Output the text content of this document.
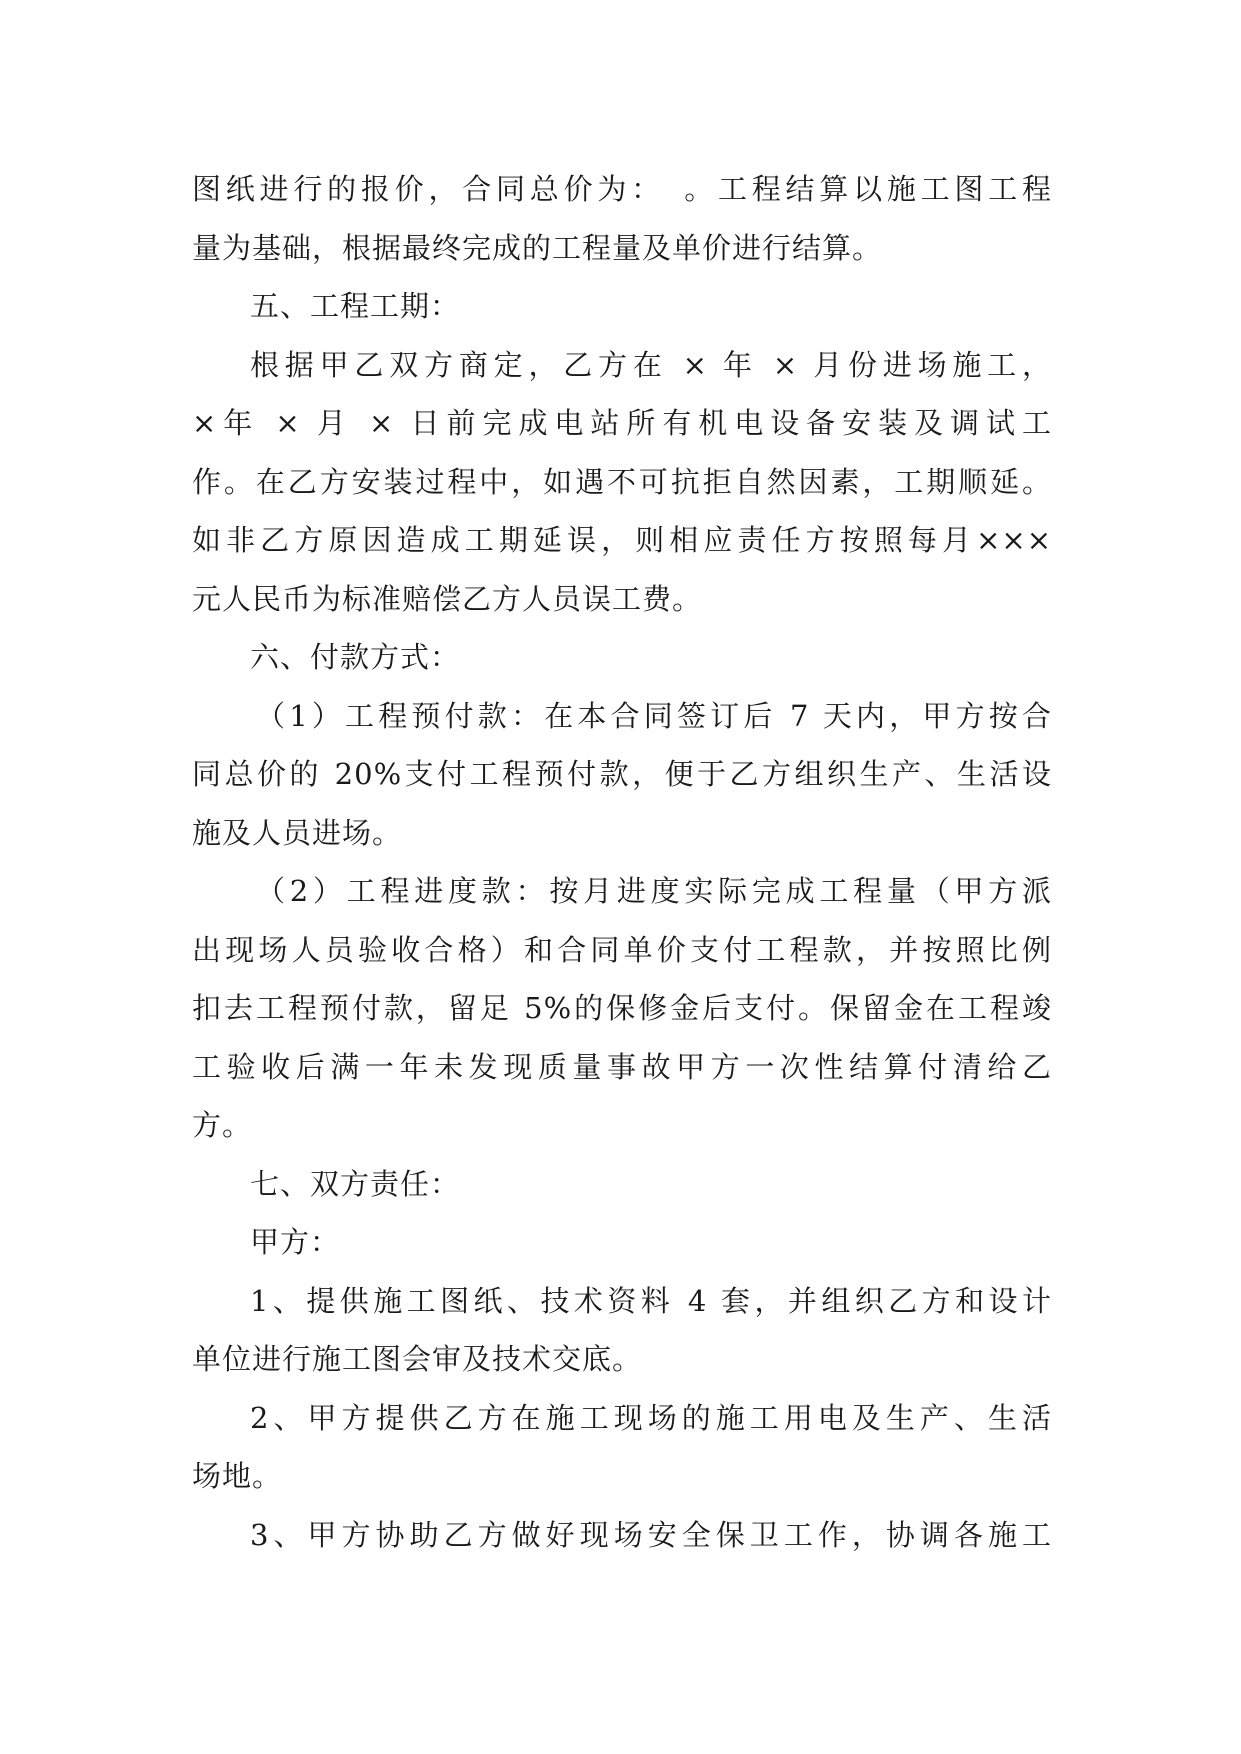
图纸进行的报价，合同总价为：　。工程结算以施工图工程
量为基础，根据最终完成的工程量及单价进行结算。
五、工程工期：
根据甲乙双方商定，乙方在 × 年 × 月份进场施工，
×年 × 月 × 日前完成电站所有机电设备安装及调试工
作。在乙方安装过程中，如遇不可抗拒自然因素，工期顺延。
如非乙方原因造成工期延误，则相应责任方按照每月×××
元人民币为标准赔偿乙方人员误工费。
六、付款方式：
（1）工程预付款：在本合同签订后 7 天内，甲方按合
同总价的 20%支付工程预付款，便于乙方组织生产、生活设
施及人员进场。
（2）工程进度款：按月进度实际完成工程量（甲方派
出现场人员验收合格）和合同单价支付工程款，并按照比例
扣去工程预付款，留足 5%的保修金后支付。保留金在工程竣
工验收后满一年未发现质量事故甲方一次性结算付清给乙
方。
七、双方责任：
甲方：
1、提供施工图纸、技术资料 4 套，并组织乙方和设计
单位进行施工图会审及技术交底。
2、甲方提供乙方在施工现场的施工用电及生产、生活
场地。
3、甲方协助乙方做好现场安全保卫工作，协调各施工
